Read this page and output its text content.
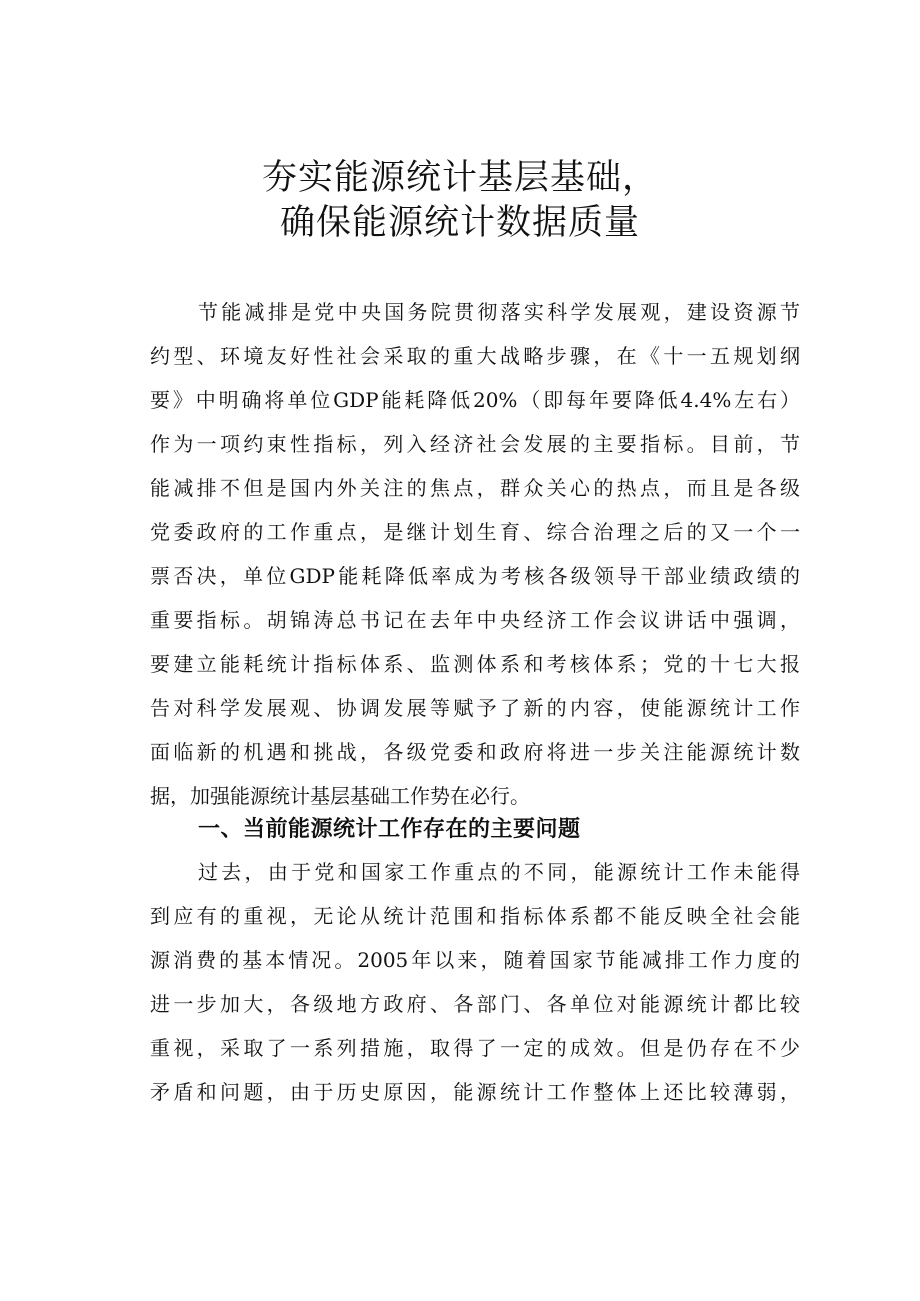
夯实能源统计基层基础，
确保能源统计数据质量
节能减排是党中央国务院贯彻落实科学发展观，建设资源节
约型、环境友好性社会采取的重大战略步骤，在《十一五规划纲
要》中明确将单位GDP能耗降低20%（即每年要降低4.4%左右）
作为一项约束性指标，列入经济社会发展的主要指标。目前，节
能减排不但是国内外关注的焦点，群众关心的热点，而且是各级
党委政府的工作重点，是继计划生育、综合治理之后的又一个一
票否决，单位GDP能耗降低率成为考核各级领导干部业绩政绩的
重要指标。胡锦涛总书记在去年中央经济工作会议讲话中强调，
要建立能耗统计指标体系、监测体系和考核体系；党的十七大报
告对科学发展观、协调发展等赋予了新的内容，使能源统计工作
面临新的机遇和挑战，各级党委和政府将进一步关注能源统计数
据，加强能源统计基层基础工作势在必行。
一、当前能源统计工作存在的主要问题
过去，由于党和国家工作重点的不同，能源统计工作未能得
到应有的重视，无论从统计范围和指标体系都不能反映全社会能
源消费的基本情况。2005年以来，随着国家节能减排工作力度的
进一步加大，各级地方政府、各部门、各单位对能源统计都比较
重视，采取了一系列措施，取得了一定的成效。但是仍存在不少
矛盾和问题，由于历史原因，能源统计工作整体上还比较薄弱，
